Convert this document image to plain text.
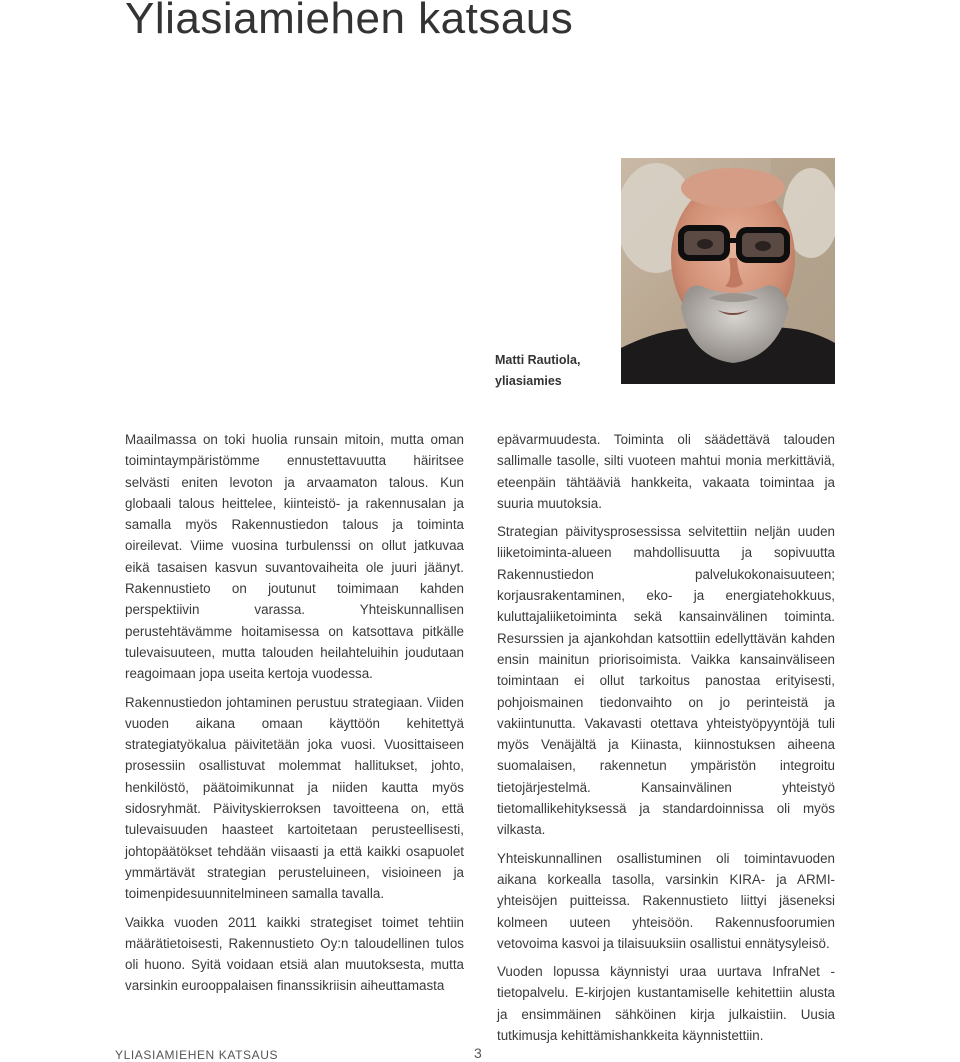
Yliasiamiehen katsaus
Matti Rautiola,
yliasiamies

Maailmassa on toki huolia runsain mitoin, mutta oman toimintaympäristömme ennustettavuutta häiritsee selvästi eniten levoton ja arvaamaton talous. Kun globaali talous heittelee, kiinteistö- ja rakennusalan ja samalla myös Rakennustiedon talous ja toiminta oireilevat. Viime vuosina turbulenssi on ollut jatkuvaa eikä tasaisen kasvun suvantovaiheita ole juuri jäänyt. Rakennustieto on joutunut toimimaan kahden perspektiivin varassa. Yhteiskunnallisen perustehtävämme hoitamisessa on katsottava pitkälle tulevaisuuteen, mutta talouden heilahteluihin joudutaan reagoimaan jopa useita kertoja vuodessa.

Rakennustiedon johtaminen perustuu strategiaan. Viiden vuoden aikana omaan käyttöön kehitettyä strategiatyökalua päivitetään joka vuosi. Vuosittaiseen prosessiin osallistuvat molemmat hallitukset, johto, henkilöstö, päätoimikunnat ja niiden kautta myös sidosryhmät. Päivityskierroksen tavoitteena on, että tulevaisuuden haasteet kartoitetaan perusteellisesti, johtopäätökset tehdään viisaasti ja että kaikki osapuolet ymmärtävät strategian perusteluineen, visioineen ja toimenpidesuunnitelmineen samalla tavalla.

Vaikka vuoden 2011 kaikki strategiset toimet tehtiin määrätietoisesti, Rakennustieto Oy:n taloudellinen tulos oli huono. Syitä voidaan etsiä alan muutoksesta, mutta varsinkin eurooppalaisen finanssikriisin aiheuttamasta

epävarmuudesta. Toiminta oli säädettävä talouden sallimalle tasolle, silti vuoteen mahtui monia merkittäviä, eteenpäin tähtääviä hankkeita, vakaata toimintaa ja suuria muutoksia.

Strategian päivitysprosessissa selvitettiin neljän uuden liiketoiminta-alueen mahdollisuutta ja sopivuutta Rakennustiedon palvelukokonaisuuteen; korjausrakentaminen, eko- ja energiatehokkuus, kuluttajaliiketoiminta sekä kansainvälinen toiminta. Resurssien ja ajankohdan katsottiin edellyttävän kahden ensin mainitun priorisoimista. Vaikka kansainväliseen toimintaan ei ollut tarkoitus panostaa erityisesti, pohjoismainen tiedonvaihto on jo perinteistä ja vakiintunutta. Vakavasti otettava yhteistyöpyyntöjä tuli myös Venäjältä ja Kiinasta, kiinnostuksen aiheena suomalaisen, rakennetun ympäristön integroitu tietojärjestelmä. Kansainvälinen yhteistyö tietomallikehityksessä ja standardoinnissa oli myös vilkasta.

Yhteiskunnallinen osallistuminen oli toimintavuoden aikana korkealla tasolla, varsinkin KIRA- ja ARMI-yhteisöjen puitteissa. Rakennustieto liittyi jäseneksi kolmeen uuteen yhteisöön. Rakennusfoorumien vetovoima kasvoi ja tilaisuuksiin osallistui ennätysyleisö.

Vuoden lopussa käynnistyi uraa uurtava InfraNet -tietopalvelu. E-kirjojen kustantamiselle kehitettiin alusta ja ensimmäinen sähköinen kirja julkaistiin. Uusia tutkimusja kehittämishankkeita käynnistettiin.

YLIASIAMIEHEN KATSAUS	3
